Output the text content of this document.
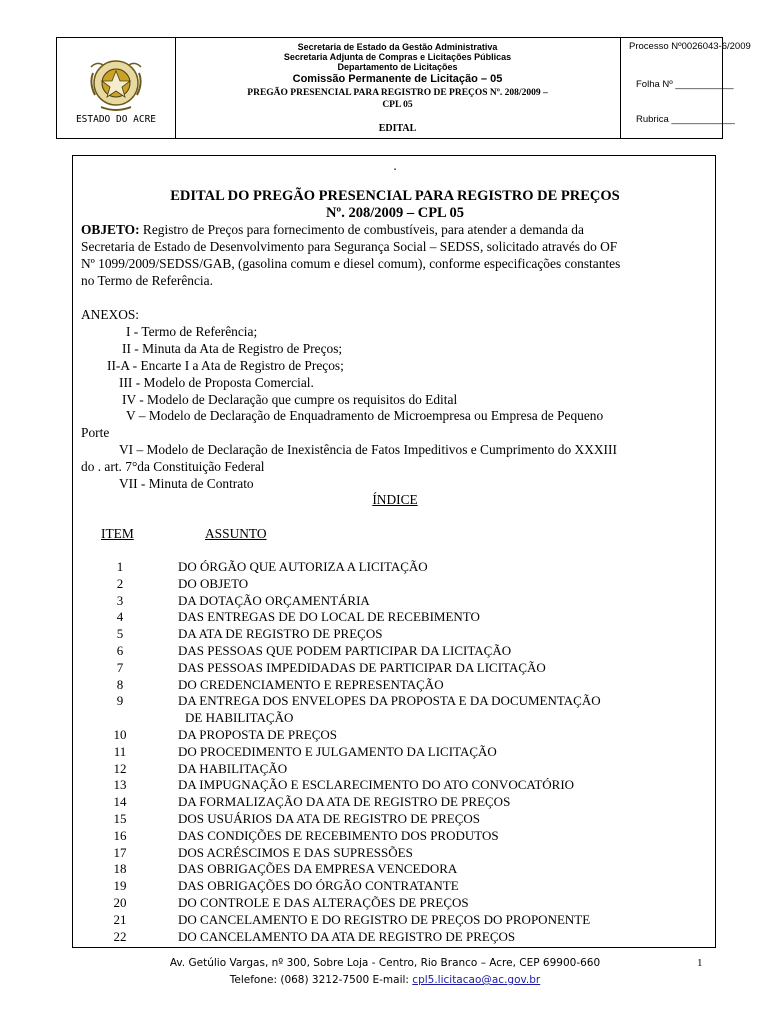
ESTADO DO ACRE
Secretaria de Estado da Gestão Administrativa
Secretaria Adjunta de Compras e Licitações Públicas
Departamento de Licitações
Comissão Permanente de Licitação – 05
PREGÃO PRESENCIAL PARA REGISTRO DE PREÇOS Nº. 208/2009 –
CPL 05
EDITAL
Processo Nº0026043-6/2009
Folha Nº ___________
Rubrica ____________
.
EDITAL DO PREGÃO PRESENCIAL PARA REGISTRO DE PREÇOS
Nº. 208/2009 – CPL 05
OBJETO: Registro de Preços para fornecimento de combustíveis, para atender a demanda da
Secretaria de Estado de Desenvolvimento para Segurança Social – SEDSS, solicitado através do OF
Nº 1099/2009/SEDSS/GAB, (gasolina comum e diesel comum), conforme especificações constantes
no Termo de Referência.
ANEXOS:
I - Termo de Referência;
II - Minuta da Ata de Registro de Preços;
II-A - Encarte I a Ata de Registro de Preços;
III - Modelo de Proposta Comercial.
IV - Modelo de Declaração que cumpre os requisitos do Edital
V – Modelo de Declaração de Enquadramento de Microempresa ou Empresa de Pequeno
Porte
VI – Modelo de Declaração de Inexistência de Fatos Impeditivos e Cumprimento do XXXIII
do . art. 7°da Constituição Federal
VII - Minuta de Contrato
ÍNDICE
ITEM	ASSUNTO
1	DO ÓRGÃO QUE AUTORIZA A LICITAÇÃO
2	DO OBJETO
3	DA DOTAÇÃO ORÇAMENTÁRIA
4	DAS ENTREGAS DE DO LOCAL DE RECEBIMENTO
5	DA ATA DE REGISTRO DE PREÇOS
6	DAS PESSOAS QUE PODEM PARTICIPAR DA LICITAÇÃO
7	DAS PESSOAS IMPEDIDADAS DE PARTICIPAR DA LICITAÇÃO
8	DO CREDENCIAMENTO E REPRESENTAÇÃO
9	DA ENTREGA DOS ENVELOPES DA PROPOSTA E DA DOCUMENTAÇÃO
DE HABILITAÇÃO
10	DA PROPOSTA DE PREÇOS
11	DO PROCEDIMENTO E JULGAMENTO DA LICITAÇÃO
12	DA HABILITAÇÃO
13	DA IMPUGNAÇÃO E ESCLARECIMENTO DO ATO CONVOCATÓRIO
14	DA FORMALIZAÇÃO DA ATA DE REGISTRO DE PREÇOS
15	DOS USUÁRIOS DA ATA DE REGISTRO DE PREÇOS
16	DAS CONDIÇÕES DE RECEBIMENTO DOS PRODUTOS
17	DOS ACRÉSCIMOS E DAS SUPRESSÕES
18	DAS OBRIGAÇÕES DA EMPRESA VENCEDORA
19	DAS OBRIGAÇÕES DO ÓRGÃO CONTRATANTE
20	DO CONTROLE E DAS ALTERAÇÕES DE PREÇOS
21	DO CANCELAMENTO E DO REGISTRO DE PREÇOS DO PROPONENTE
22	DO CANCELAMENTO DA ATA DE REGISTRO DE PREÇOS
Av. Getúlio Vargas, nº 300, Sobre Loja - Centro, Rio Branco – Acre, CEP 69900-660
Telefone: (068) 3212-7500 E-mail: cpl5.licitacao@ac.gov.br
1
